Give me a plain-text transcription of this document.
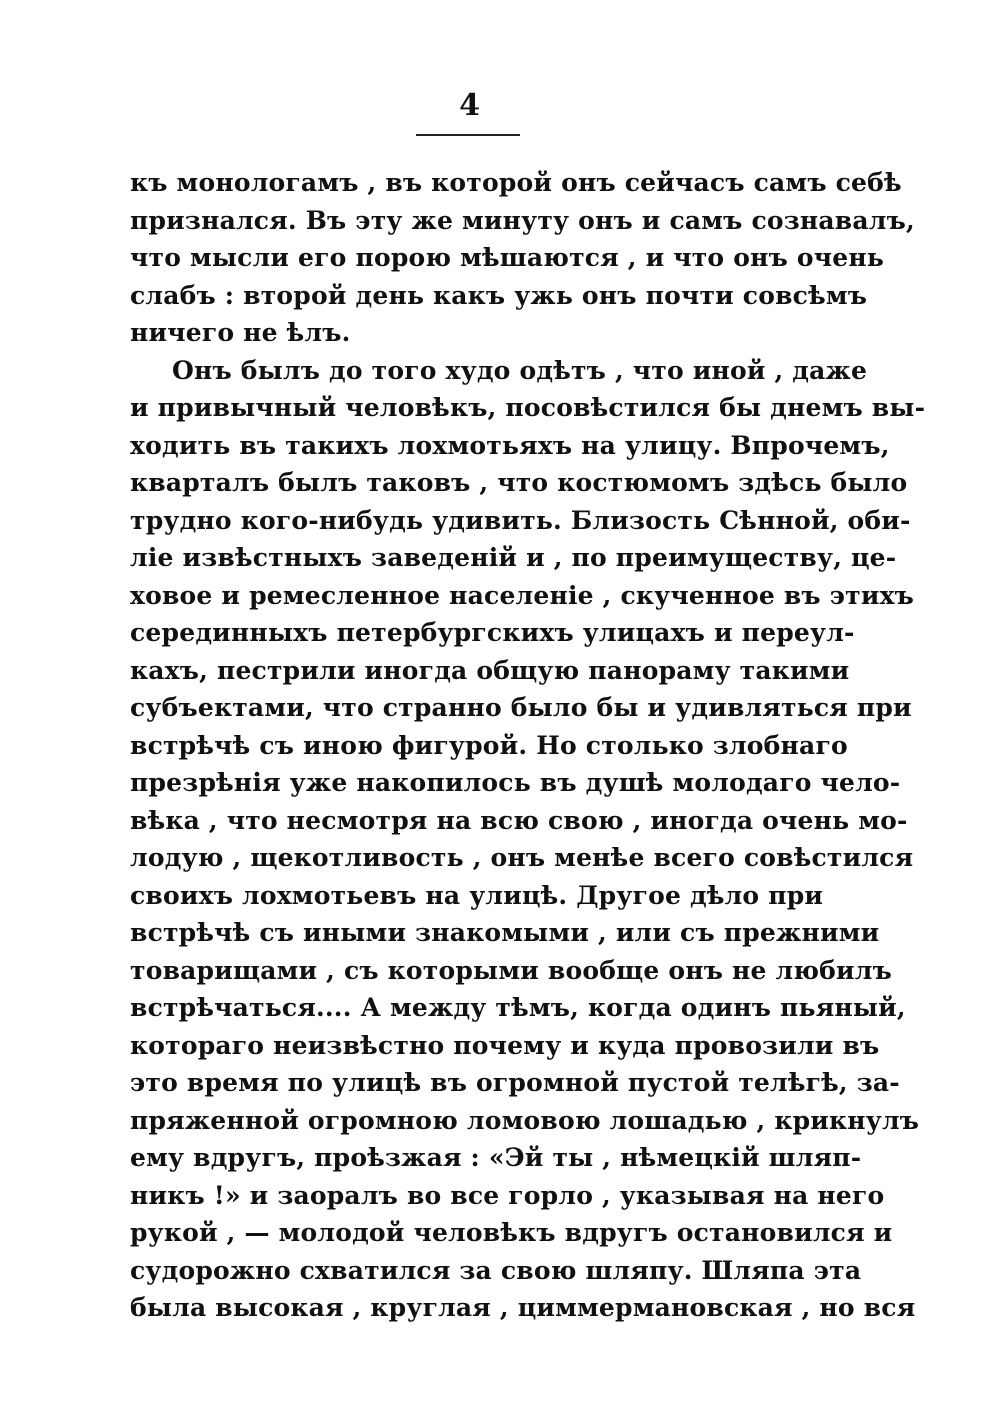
4
къ монологамъ , въ которой онъ сейчасъ самъ себѣ
признался. Въ эту же минуту онъ и самъ сознавалъ,
что мысли его порою мѣшаются , и что онъ очень
слабъ : второй день какъ ужь онъ почти совсѣмъ
ничего не ѣлъ.
Онъ былъ до того худо одѣтъ , что иной , даже
и привычный человѣкъ, посовѣстился бы днемъ вы-
ходить въ такихъ лохмотьяхъ на улицу. Впрочемъ,
кварталъ былъ таковъ , что костюмомъ здѣсь было
трудно кого-нибудь удивить. Близость Сѣнной, оби-
лie извѣстныхъ заведенiй и , по преимуществу, це-
ховое и ремесленное населенie , скученное въ этихъ
серединныхъ петербургскихъ улицахъ и переул-
кахъ, пестрили иногда общую панораму такими
субъектами, что странно было бы и удивляться при
встрѣчѣ съ иною фигурой. Но столько злобнаго
презрѣнія уже накопилось въ душѣ молодаго чело-
вѣка , что несмотря на всю свою , иногда очень мо-
лодую , щекотливость , онъ менѣе всего совѣстился
своихъ лохмотьевъ на улицѣ. Другое дѣло при
встрѣчѣ съ иными знакомыми , или съ прежними
товарищами , съ которыми вообще онъ не любилъ
встрѣчаться.... А между тѣмъ, когда одинъ пьяный,
котораго неизвѣстно почему и куда провозили въ
это время по улицѣ въ огромной пустой телѣгѣ, за-
пряженной огромною ломовою лошадью , крикнулъ
ему вдругъ, проѣзжая : «Эй ты , нѣмецкiй шляп-
никъ !» и заоралъ во все горло , указывая на него
рукой , — молодой человѣкъ вдругъ остановился и
судорожно схватился за свою шляпу. Шляпа эта
была высокая , круглая , циммермановская , но вся
